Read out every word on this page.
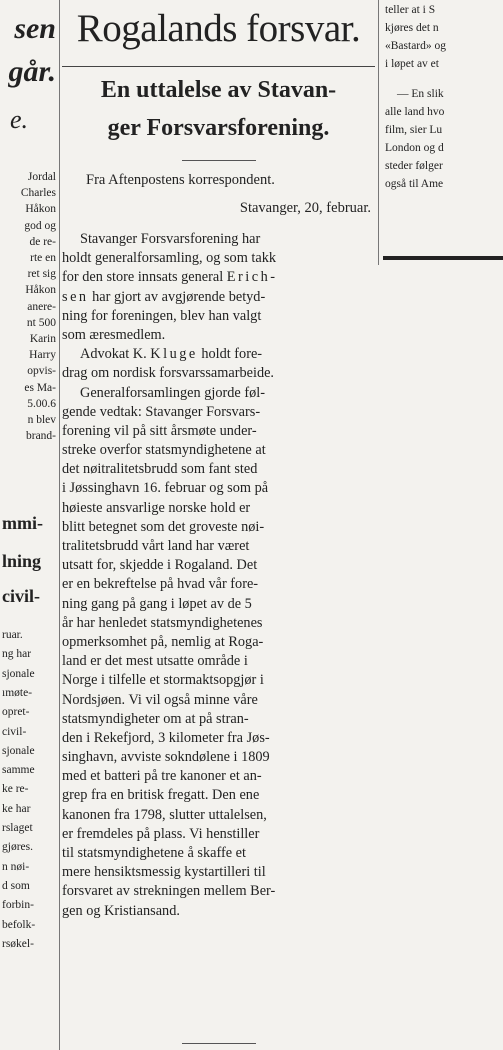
sen
går.
e.
Jordal
Charles
Håkon
god og
de re-
rte en
ret sig
Håkon
anere-
nt 500
Karin
Harry
opvis-
es Ma-
5.00.6
n blev
brand-
mmi-
lning
civil-
ruar.
ng har
sjonale
ımøte-
opret-
civil-
sjonale
samme
ke re-
ke har
rslaget
gjøres.
n nøi-
d som
forbin-
befolk-
rsøkel-
Rogalands forsvar.
En uttalelse av Stavan-
ger Forsvarsforening.
Fra Aftenpostens korrespondent.
Stavanger, 20, februar.
Stavanger Forsvarsforening har
holdt generalforsamling, og som takk
for den store innsats general Erich-
sen har gjort av avgjørende betyd-
ning for foreningen, blev han valgt
som æresmedlem.
Advokat K. Kluge holdt fore-
drag om nordisk forsvarssamarbeide.
Generalforsamlingen gjorde føl-
gende vedtak: Stavanger Forsvars-
forening vil på sitt årsmøte under-
streke overfor statsmyndighetene at
det nøitralitetsbrudd som fant sted
i Jøssinghavn 16. februar og som på
høieste ansvarlige norske hold er
blitt betegnet som det groveste nøi-
tralitetsbrudd vårt land har været
utsatt for, skjedde i Rogaland. Det
er en bekreftelse på hvad vår fore-
ning gang på gang i løpet av de 5
år har henledet statsmyndighetenes
opmerksomhet på, nemlig at Roga-
land er det mest utsatte område i
Norge i tilfelle et stormaktsopgjør i
Nordsjøen. Vi vil også minne våre
statsmyndigheter om at på stran-
den i Rekefjord, 3 kilometer fra Jøs-
singhavn, avviste sokndølene i 1809
med et batteri på tre kanoner et an-
grep fra en britisk fregatt. Den ene
kanonen fra 1798, slutter uttalelsen,
er fremdeles på plass. Vi henstiller
til statsmyndighetene å skaffe et
mere hensiktsmessig kystartilleri til
forsvaret av strekningen mellem Ber-
gen og Kristiansand.
teller at i S
kjøres det n
«Bastard» og
i løpet av et
— En slik
alle land hvo
film, sier Lu
London og d
steder følger
også til Ame
